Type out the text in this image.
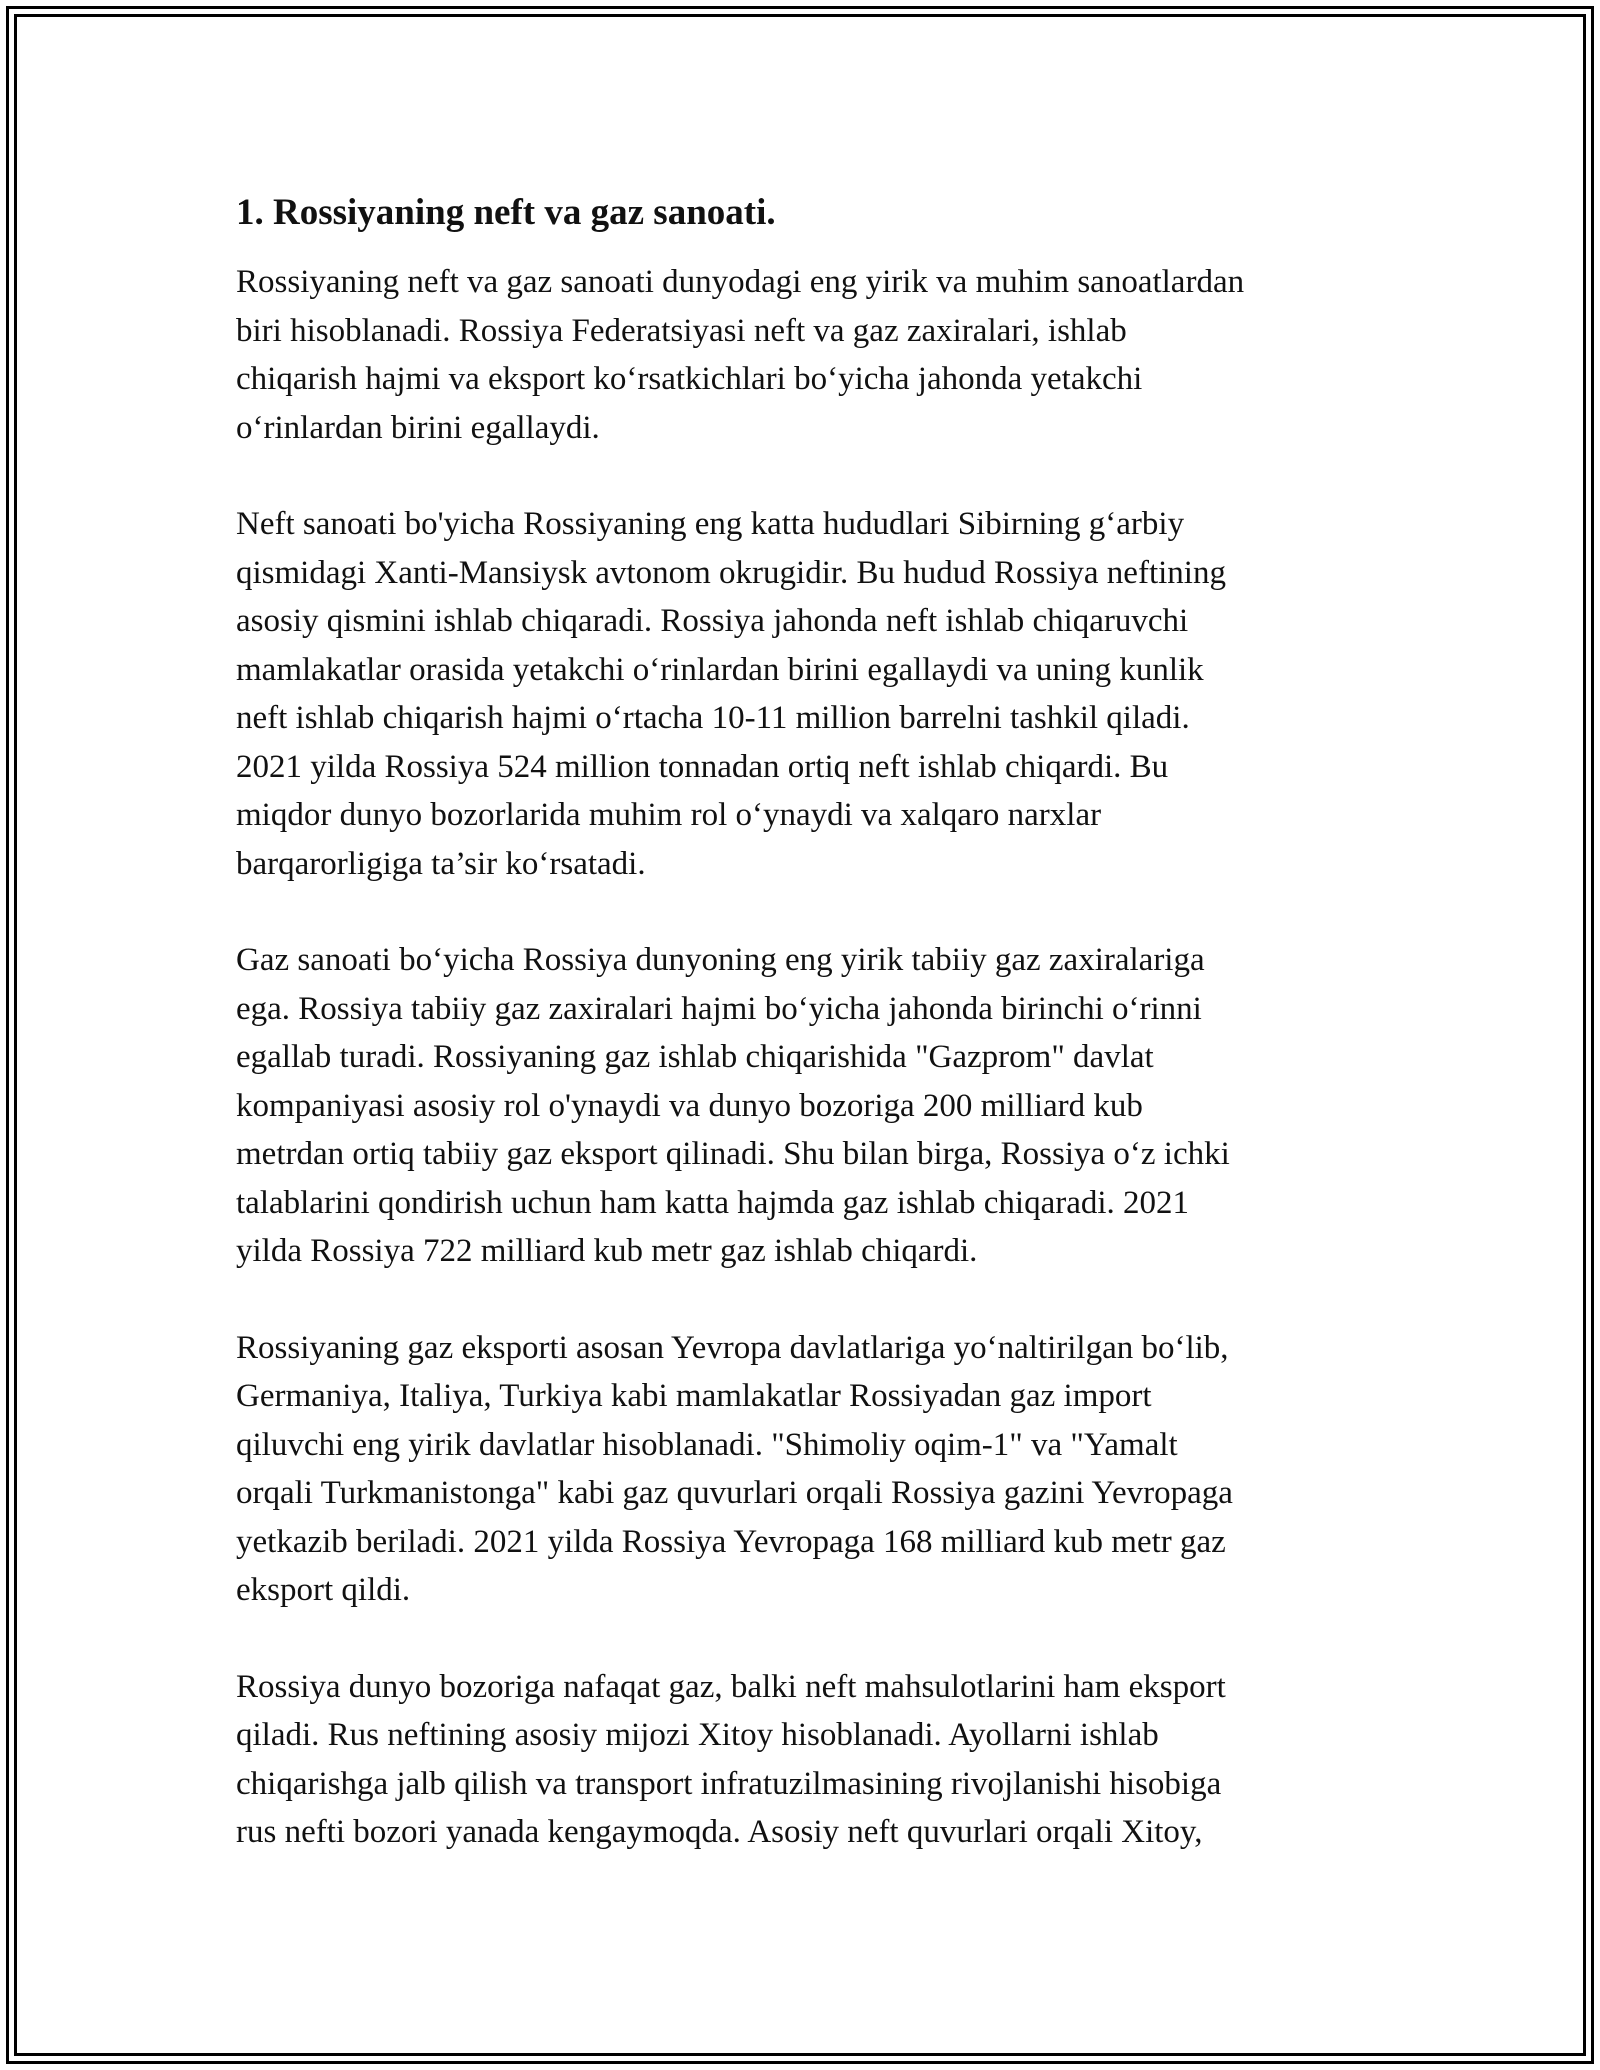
1. Rossiyaning neft va gaz sanoati.
Rossiyaning neft va gaz sanoati dunyodagi eng yirik va muhim sanoatlardan
biri hisoblanadi. Rossiya Federatsiyasi neft va gaz zaxiralari, ishlab
chiqarish hajmi va eksport ko‘rsatkichlari bo‘yicha jahonda yetakchi
o‘rinlardan birini egallaydi.
Neft sanoati bo'yicha Rossiyaning eng katta hududlari Sibirning g‘arbiy
qismidagi Xanti-Mansiysk avtonom okrugidir. Bu hudud Rossiya neftining
asosiy qismini ishlab chiqaradi. Rossiya jahonda neft ishlab chiqaruvchi
mamlakatlar orasida yetakchi o‘rinlardan birini egallaydi va uning kunlik
neft ishlab chiqarish hajmi o‘rtacha 10-11 million barrelni tashkil qiladi.
2021 yilda Rossiya 524 million tonnadan ortiq neft ishlab chiqardi. Bu
miqdor dunyo bozorlarida muhim rol o‘ynaydi va xalqaro narxlar
barqarorligiga ta’sir ko‘rsatadi.
Gaz sanoati bo‘yicha Rossiya dunyoning eng yirik tabiiy gaz zaxiralariga
ega. Rossiya tabiiy gaz zaxiralari hajmi bo‘yicha jahonda birinchi o‘rinni
egallab turadi. Rossiyaning gaz ishlab chiqarishida "Gazprom" davlat
kompaniyasi asosiy rol o'ynaydi va dunyo bozoriga 200 milliard kub
metrdan ortiq tabiiy gaz eksport qilinadi. Shu bilan birga, Rossiya o‘z ichki
talablarini qondirish uchun ham katta hajmda gaz ishlab chiqaradi. 2021
yilda Rossiya 722 milliard kub metr gaz ishlab chiqardi.
Rossiyaning gaz eksporti asosan Yevropa davlatlariga yo‘naltirilgan bo‘lib,
Germaniya, Italiya, Turkiya kabi mamlakatlar Rossiyadan gaz import
qiluvchi eng yirik davlatlar hisoblanadi. "Shimoliy oqim-1" va "Yamalt
orqali Turkmanistonga" kabi gaz quvurlari orqali Rossiya gazini Yevropaga
yetkazib beriladi. 2021 yilda Rossiya Yevropaga 168 milliard kub metr gaz
eksport qildi.
Rossiya dunyo bozoriga nafaqat gaz, balki neft mahsulotlarini ham eksport
qiladi. Rus neftining asosiy mijozi Xitoy hisoblanadi. Ayollarni ishlab
chiqarishga jalb qilish va transport infratuzilmasining rivojlanishi hisobiga
rus nefti bozori yanada kengaymoqda. Asosiy neft quvurlari orqali Xitoy,
